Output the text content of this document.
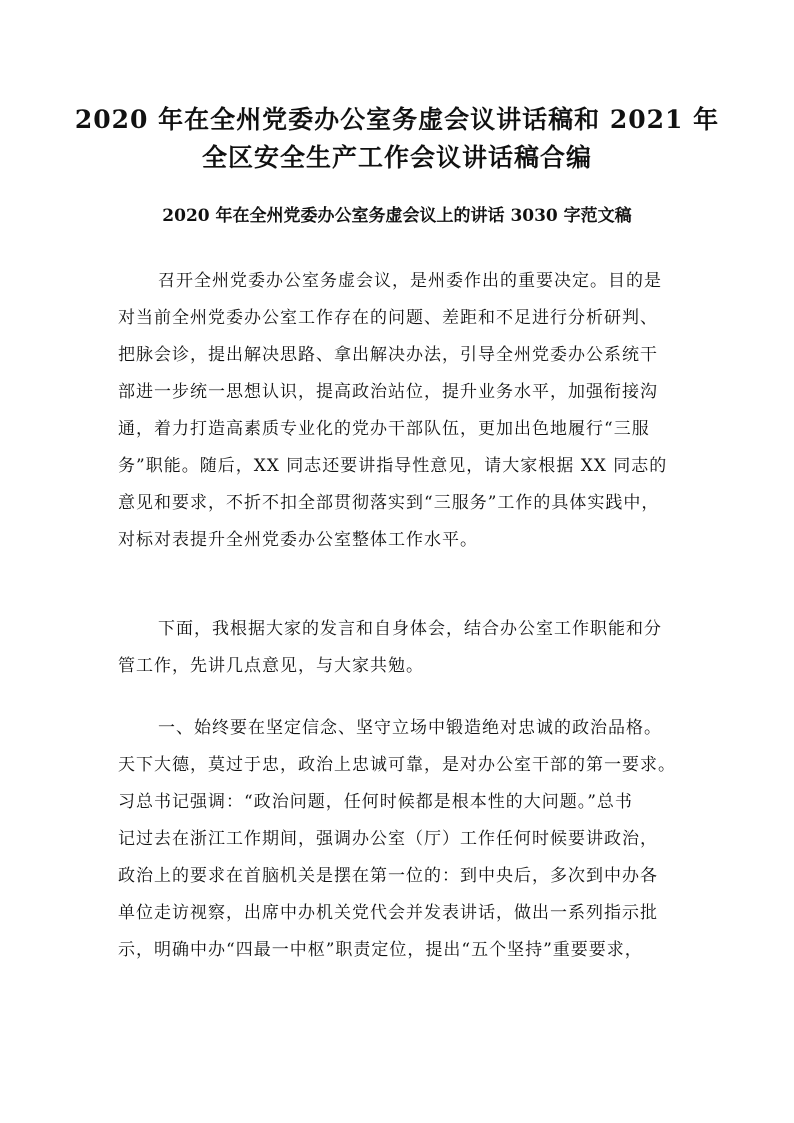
2020 年在全州党委办公室务虚会议讲话稿和 2021 年
全区安全生产工作会议讲话稿合编
2020 年在全州党委办公室务虚会议上的讲话 3030 字范文稿

召开全州党委办公室务虚会议，是州委作出的重要决定。目的是
对当前全州党委办公室工作存在的问题、差距和不足进行分析研判、
把脉会诊，提出解决思路、拿出解决办法，引导全州党委办公系统干
部进一步统一思想认识，提高政治站位，提升业务水平，加强衔接沟
通，着力打造高素质专业化的党办干部队伍，更加出色地履行“三服
务”职能。随后，XX 同志还要讲指导性意见，请大家根据 XX 同志的
意见和要求，不折不扣全部贯彻落实到“三服务”工作的具体实践中，
对标对表提升全州党委办公室整体工作水平。

下面，我根据大家的发言和自身体会，结合办公室工作职能和分
管工作，先讲几点意见，与大家共勉。

一、始终要在坚定信念、坚守立场中锻造绝对忠诚的政治品格。
天下大德，莫过于忠，政治上忠诚可靠，是对办公室干部的第一要求。
习总书记强调：“政治问题，任何时候都是根本性的大问题。”总书
记过去在浙江工作期间，强调办公室（厅）工作任何时候要讲政治，
政治上的要求在首脑机关是摆在第一位的：到中央后，多次到中办各
单位走访视察，出席中办机关党代会并发表讲话，做出一系列指示批
示，明确中办“四最一中枢”职责定位，提出“五个坚持”重要要求，
